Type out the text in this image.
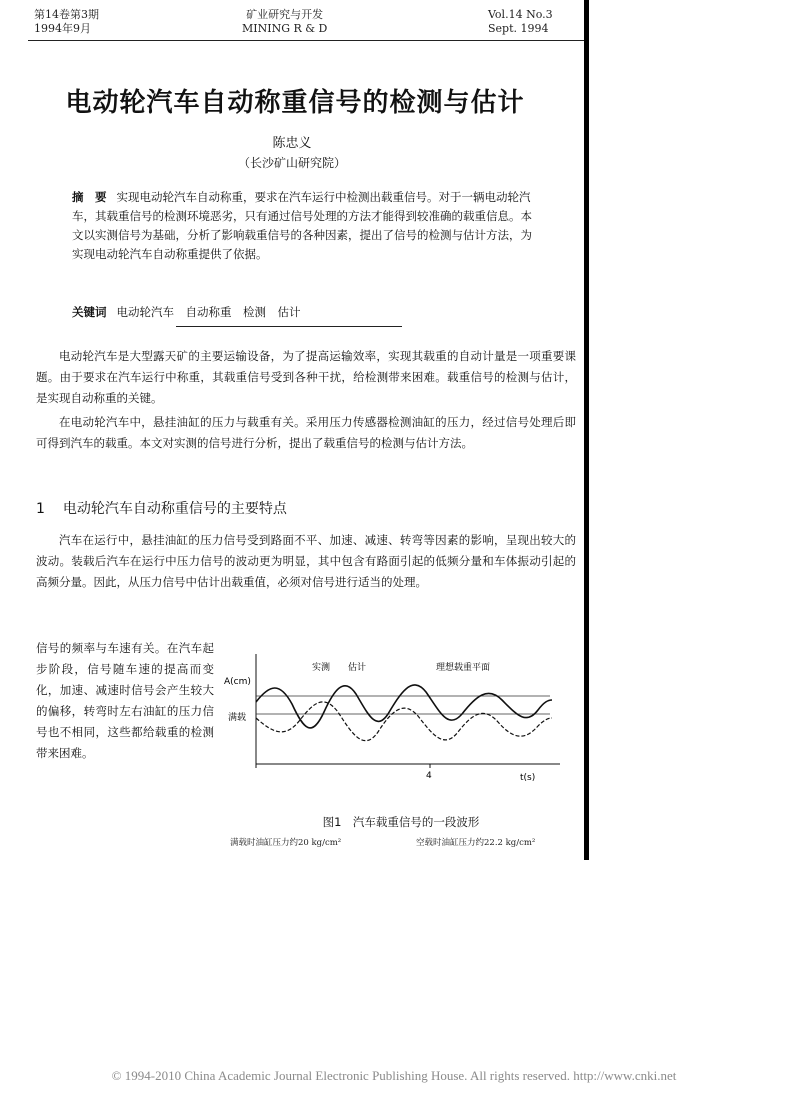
第14卷第3期
1994年9月
矿业研究与开发
MINING R & D
Vol.14 No.3
Sept. 1994
电动轮汽车自动称重信号的检测与估计
陈忠义
（长沙矿山研究院）
摘　要 实现电动轮汽车自动称重，要求在汽车运行中检测出载重信号。对于一辆电动轮汽车，其载重信号的检测环境恶劣，只有通过信号处理的方法才能得到较准确的载重信息。本文以实测信号为基础，分析了影响载重信号的各种因素，提出了信号的检测与估计方法，为实现电动轮汽车自动称重提供了依据。
关键词 电动轮汽车　自动称重　检测　估计
电动轮汽车是大型露天矿的主要运输设备，为了提高运输效率，实现其载重的自动计量是一项重要课题。由于要求在汽车运行中称重，其载重信号受到各种干扰，给检测带来困难。载重信号的检测与估计，是实现自动称重的关键。
在电动轮汽车中，悬挂油缸的压力与载重有关。采用压力传感器检测油缸的压力，经过信号处理后即可得到汽车的载重。本文对实测的信号进行分析，提出了载重信号的检测与估计方法。
1 电动轮汽车自动称重信号的主要特点
汽车在运行中，悬挂油缸的压力信号受到路面不平、加速、减速、转弯等因素的影响，呈现出较大的波动。装载后汽车在运行中压力信号的波动更为明显，其中包含有路面引起的低频分量和车体振动引起的高频分量。因此，从压力信号中估计出载重值，必须对信号进行适当的处理。
信号的频率与车速有关。在汽车起步阶段，信号随车速的提高而变化，加速、减速时信号会产生较大的偏移，转弯时左右油缸的压力信号也不相同，这些都给载重的检测带来困难。
A(cm)
4	t(s)
实测 估计
满载
理想载重平面
图1　汽车载重信号的一段波形
满载时油缸压力约20 kg/cm²	空载时油缸压力约22.2 kg/cm²
© 1994-2010 China Academic Journal Electronic Publishing House. All rights reserved. http://www.cnki.net
